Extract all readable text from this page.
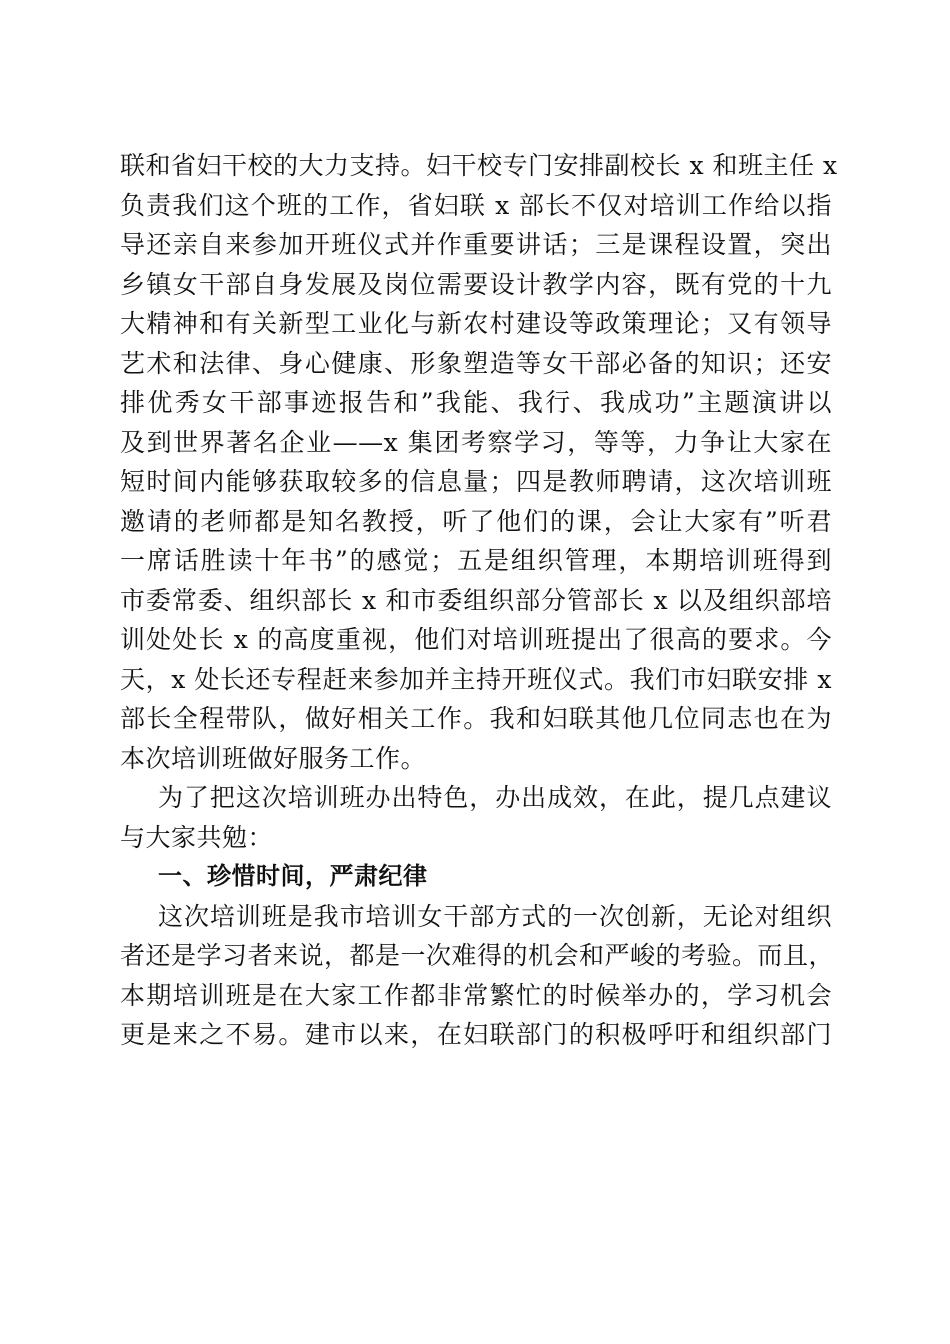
联和省妇干校的大力支持。妇干校专门安排副校长 x 和班主任 x
负责我们这个班的工作，省妇联 x 部长不仅对培训工作给以指
导还亲自来参加开班仪式并作重要讲话；三是课程设置，突出
乡镇女干部自身发展及岗位需要设计教学内容，既有党的十九
大精神和有关新型工业化与新农村建设等政策理论；又有领导
艺术和法律、身心健康、形象塑造等女干部必备的知识；还安
排优秀女干部事迹报告和”我能、我行、我成功”主题演讲以
及到世界著名企业——x 集团考察学习，等等，力争让大家在
短时间内能够获取较多的信息量；四是教师聘请，这次培训班
邀请的老师都是知名教授，听了他们的课，会让大家有”听君
一席话胜读十年书”的感觉；五是组织管理，本期培训班得到
市委常委、组织部长 x 和市委组织部分管部长 x 以及组织部培
训处处长 x 的高度重视，他们对培训班提出了很高的要求。今
天，x 处长还专程赶来参加并主持开班仪式。我们市妇联安排 x
部长全程带队，做好相关工作。我和妇联其他几位同志也在为
本次培训班做好服务工作。
为了把这次培训班办出特色，办出成效，在此，提几点建议
与大家共勉：
一、珍惜时间，严肃纪律
这次培训班是我市培训女干部方式的一次创新，无论对组织
者还是学习者来说，都是一次难得的机会和严峻的考验。而且，
本期培训班是在大家工作都非常繁忙的时候举办的，学习机会
更是来之不易。建市以来，在妇联部门的积极呼吁和组织部门
